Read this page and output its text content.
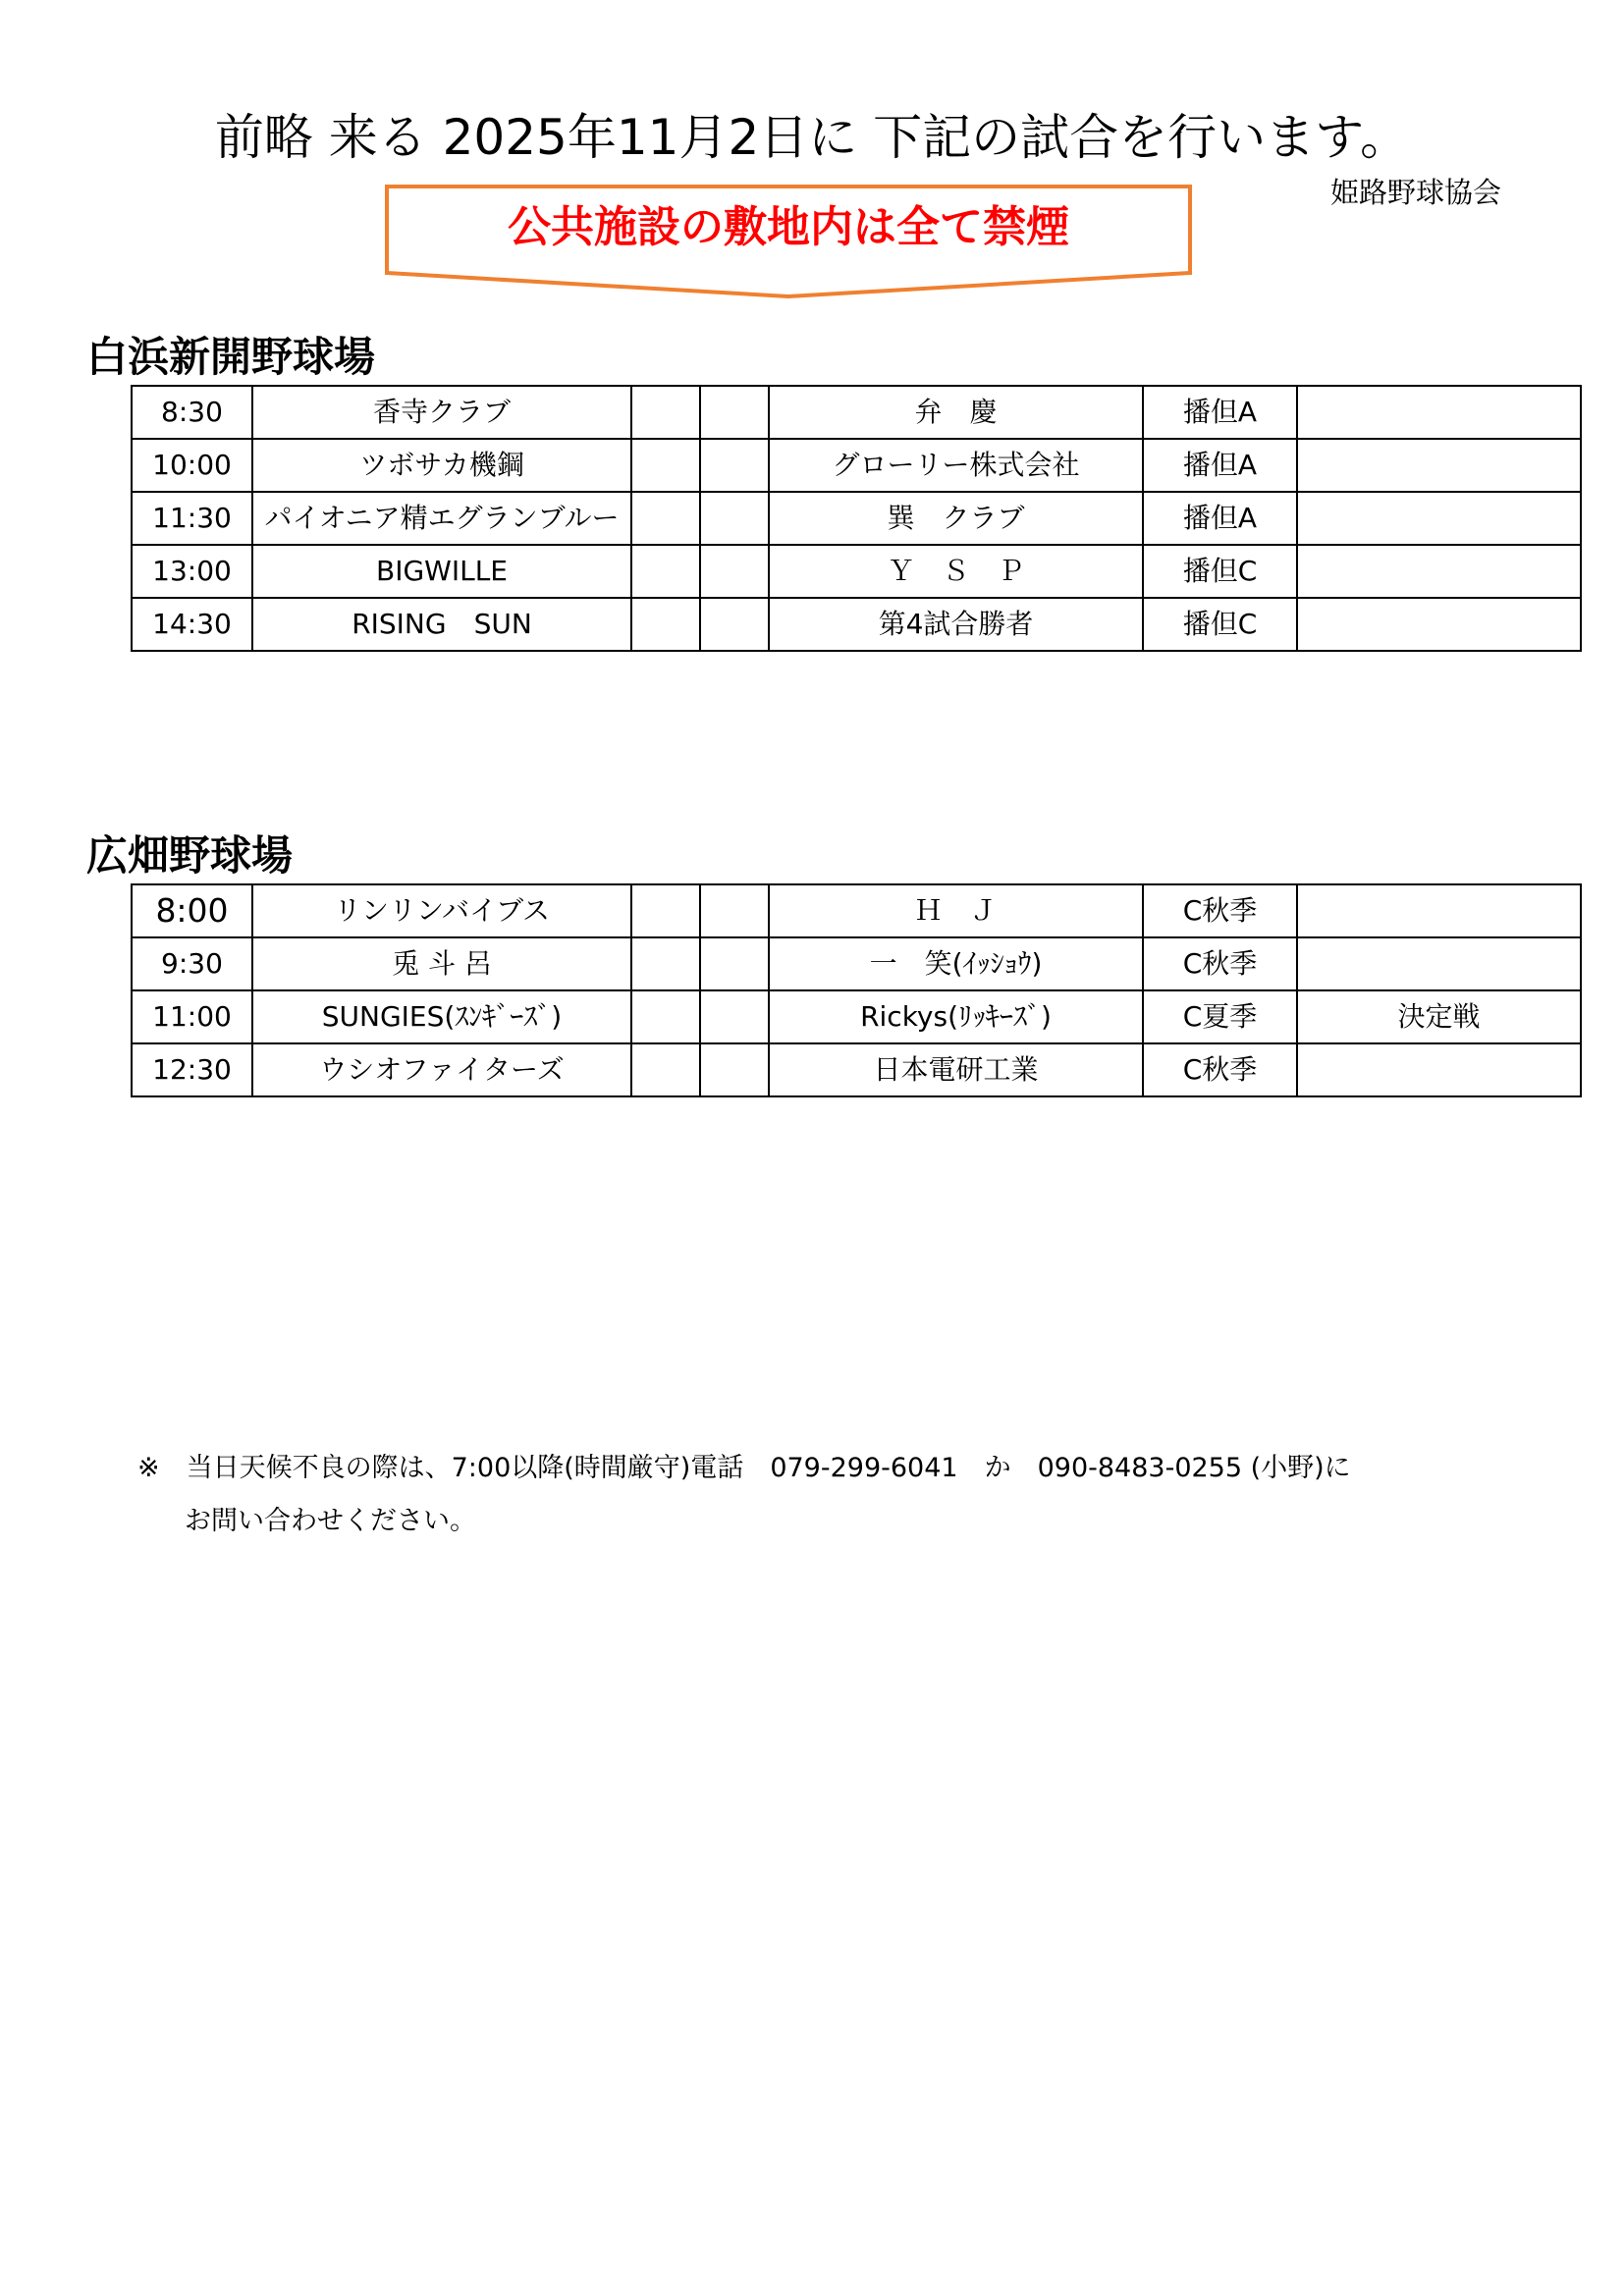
前略 来る 2025年11月2日に 下記の試合を行います。
姫路野球協会
公共施設の敷地内は全て禁煙
白浜新開野球場
8:30	香寺クラブ			弁　慶	播但A	
10:00	ツボサカ機鋼			グローリー株式会社	播但A	
11:30	パイオニア精エグランブルー			巽　クラブ	播但A	
13:00	BIGWILLE			Ｙ　Ｓ　Ｐ	播但C	
14:30	RISING　SUN			第4試合勝者	播但C	
広畑野球場
8:00	リンリンバイブス			Ｈ　Ｊ	C秋季	
9:30	兎 斗 呂			一　笑(ｲｯｼｮｳ)	C秋季	
11:00	SUNGIES(ｽﾝｷﾞｰｽﾞ)			Rickys(ﾘｯｷｰｽﾞ)	C夏季	決定戦
12:30	ウシオファイターズ			日本電研工業	C秋季	
※　当日天候不良の際は、7:00以降(時間厳守)電話　079-299-6041　か　090-8483-0255 (小野)に
お問い合わせください。
